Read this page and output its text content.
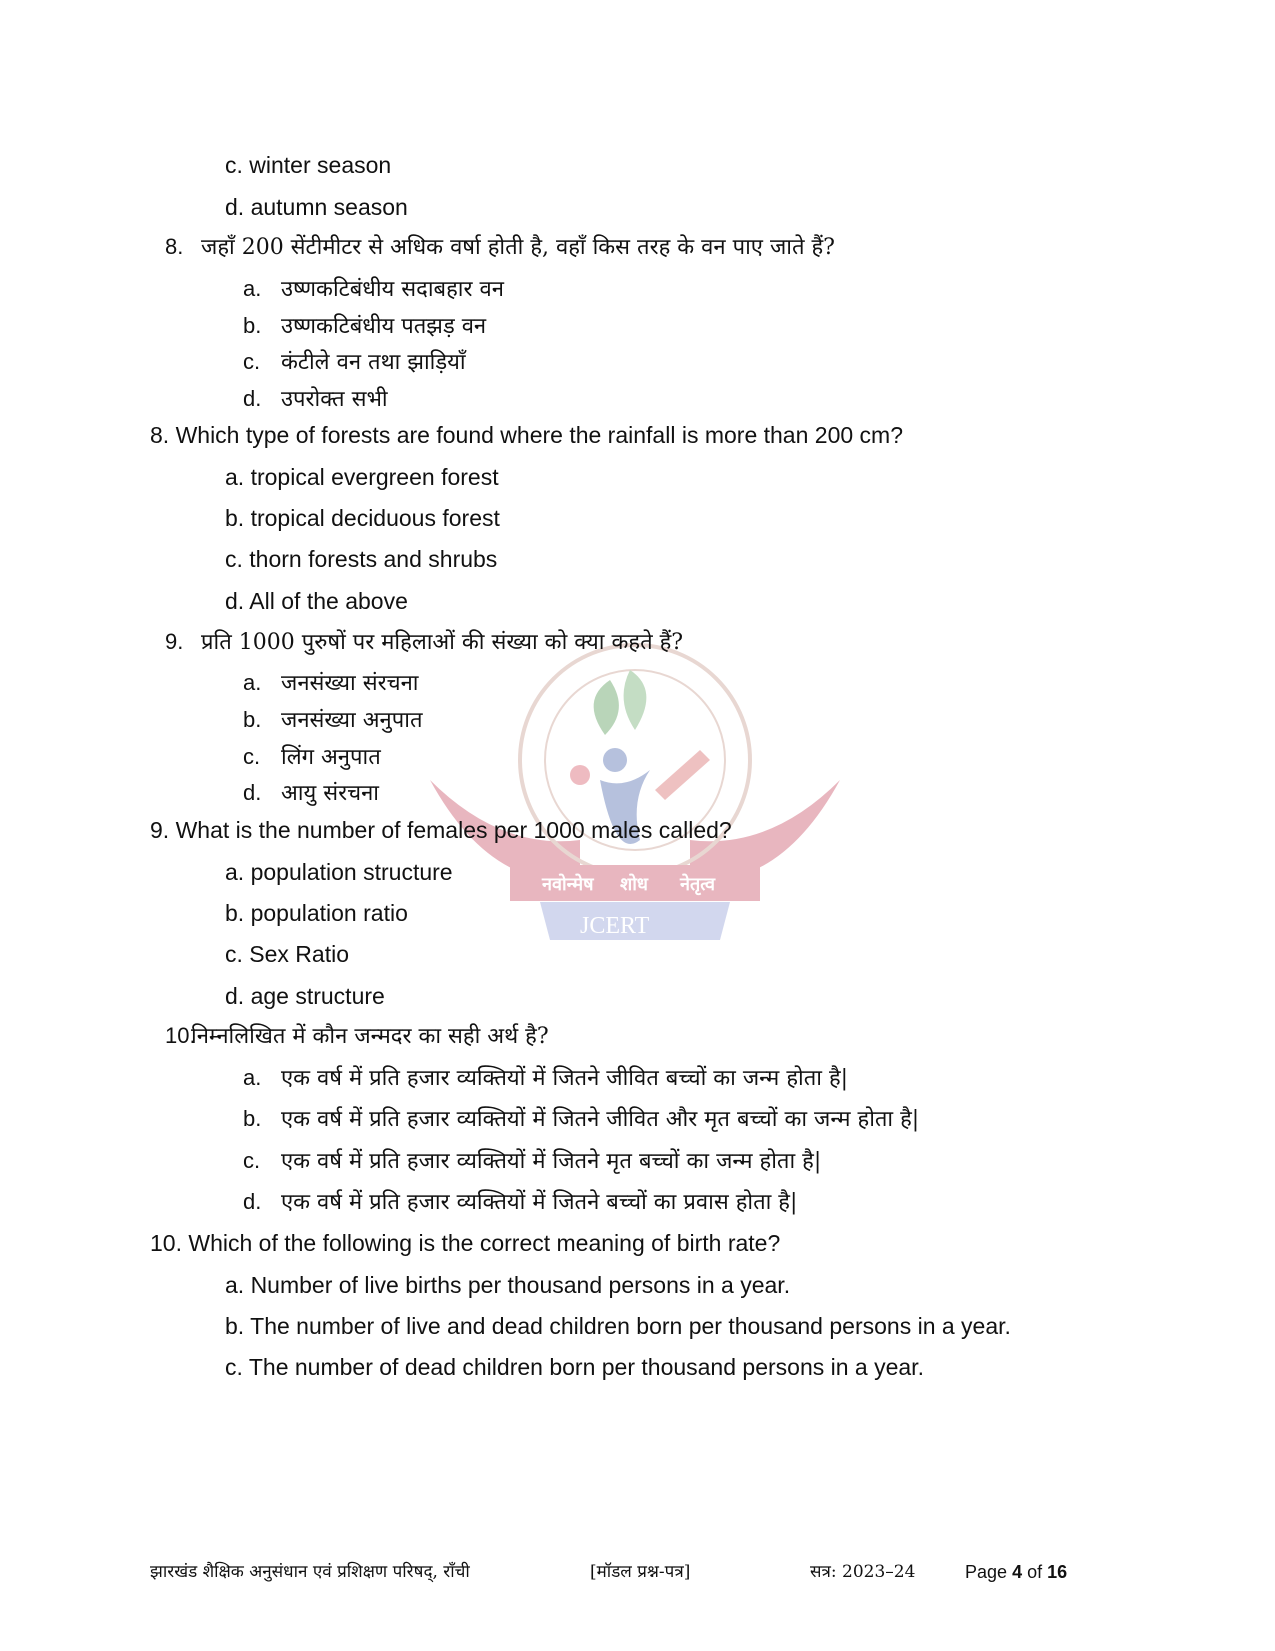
नवोन्मेष शोध नेतृत्व
JCERT
c. winter season
d. autumn season
8. जहाँ 200 सेंटीमीटर से अधिक वर्षा होती है, वहाँ किस तरह के वन पाए जाते हैं?
a. उष्णकटिबंधीय सदाबहार वन
b. उष्णकटिबंधीय पतझड़ वन
c. कंटीले वन तथा झाड़ियाँ
d. उपरोक्त सभी
8. Which type of forests are found where the rainfall is more than 200 cm?
a. tropical evergreen forest
b. tropical deciduous forest
c. thorn forests and shrubs
d. All of the above
9. प्रति 1000 पुरुषों पर महिलाओं की संख्या को क्या कहते हैं?
a. जनसंख्या संरचना
b. जनसंख्या अनुपात
c. लिंग अनुपात
d. आयु संरचना
9. What is the number of females per 1000 males called?
a. population structure
b. population ratio
c. Sex Ratio
d. age structure
10.निम्नलिखित में कौन जन्मदर का सही अर्थ है?
a. एक वर्ष में प्रति हजार व्यक्तियों में जितने जीवित बच्चों का जन्म होता है|
b. एक वर्ष में प्रति हजार व्यक्तियों में जितने जीवित और मृत बच्चों का जन्म होता है|
c. एक वर्ष में प्रति हजार व्यक्तियों में जितने मृत बच्चों का जन्म होता है|
d. एक वर्ष में प्रति हजार व्यक्तियों में जितने बच्चों का प्रवास होता है|
10. Which of the following is the correct meaning of birth rate?
a. Number of live births per thousand persons in a year.
b. The number of live and dead children born per thousand persons in a year.
c. The number of dead children born per thousand persons in a year.
झारखंड शैक्षिक अनुसंधान एवं प्रशिक्षण परिषद्, राँची	[मॉडल प्रश्न-पत्र]	सत्र: 2023–24	Page 4 of 16
